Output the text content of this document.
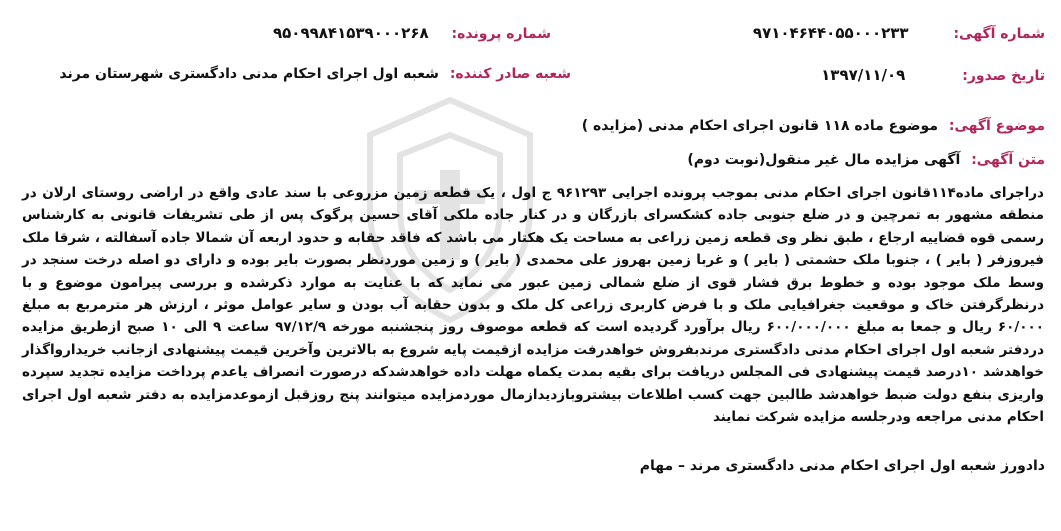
شماره آگهی: ۹۷۱۰۴۶۴۴۰۵۵۰۰۰۲۳۳
تاریخ صدور: ۱۳۹۷/۱۱/۰۹
شماره پرونده: ۹۵۰۹۹۸۴۱۵۳۹۰۰۰۲۶۸
شعبه صادر کننده: شعبه اول اجرای احکام مدنی دادگستری شهرستان مرند
موضوع آگهی: موضوع ماده ۱۱۸ قانون اجرای احکام مدنی (مزایده )
متن آگهی: آگهی مزایده مال غیر منقول(نوبت دوم)

دراجرای ماده۱۱۴قانون اجرای احکام مدنی بموجب پرونده اجرایی ۹۶۱۲۹۳ ج اول ، یک قطعه زمین مزروعی با سند عادی واقع در اراضی روستای ارلان در منطقه مشهور به تمرچین و در ضلع جنوبی جاده کشکسرای بازرگان و در کنار جاده ملکی آقای حسین پرگوک پس از طی تشریفات قانونی به کارشناس رسمی قوه قضاییه ارجاع ، طبق نظر وی قطعه زمین زراعی به مساحت یک هکتار می باشد که فاقد حقابه و حدود اربعه آن شمالا جاده آسفالته ، شرقا ملک فیروزفر ( بایر ) ، جنوبا ملک حشمتی ( بایر ) و غربا زمین بهروز علی محمدی ( بایر ) و زمین موردنظر بصورت بایر بوده و دارای دو اصله درخت سنجد در وسط ملک موجود بوده و خطوط برق فشار قوی از ضلع شمالی زمین عبور می نماید که با عنایت به موارد ذکرشده و بررسی پیرامون موضوع و با درنظرگرفتن خاک و موقعیت جغرافیایی ملک و با فرض کاربری زراعی کل ملک و بدون حقابه آب بودن و سایر عوامل موثر ، ارزش هر مترمربع به مبلغ ۶۰/۰۰۰ ریال و جمعا به مبلغ ۶۰۰/۰۰۰/۰۰۰ ریال برآورد گردیده است که قطعه موصوف روز پنجشنبه مورخه ۹۷/۱۲/۹ ساعت ۹ الی ۱۰ صبح ازطریق مزایده دردفتر شعبه اول اجرای احکام مدنی دادگستری مرندبفروش خواهدرفت مزایده ازقیمت پایه شروع به بالاترین وآخرین قیمت پیشنهادی ازجانب خریدارواگذار خواهدشد ۱۰درصد قیمت پیشنهادی فی المجلس دریافت برای بقیه بمدت یکماه مهلت داده خواهدشدکه درصورت انصراف یاعدم پرداخت مزایده تجدید سپرده واریزی بنفع دولت ضبط خواهدشد طالبین جهت کسب اطلاعات بیشتروبازدیدازمال موردمزایده میتوانند پنج روزقبل ازموعدمزایده به دفتر شعبه اول اجرای احکام مدنی مراجعه ودرجلسه مزایده شرکت نمایند

دادورز شعبه اول اجرای احکام مدنی دادگستری مرند – مهام
